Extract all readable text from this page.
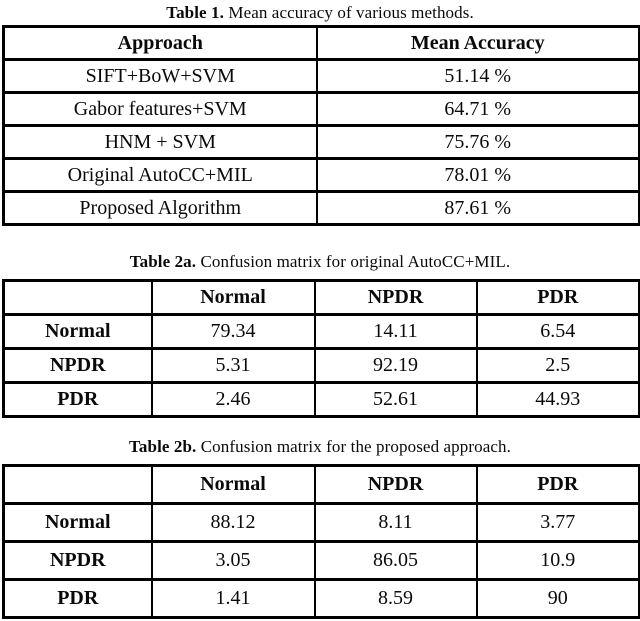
Table 1. Mean accuracy of various methods.
Approach	Mean Accuracy
SIFT+BoW+SVM	51.14 %
Gabor features+SVM	64.71 %
HNM + SVM	75.76 %
Original AutoCC+MIL	78.01 %
Proposed Algorithm	87.61 %
Table 2a. Confusion matrix for original AutoCC+MIL.
	Normal	NPDR	PDR
Normal	79.34	14.11	6.54
NPDR	5.31	92.19	2.5
PDR	2.46	52.61	44.93
Table 2b. Confusion matrix for the proposed approach.
	Normal	NPDR	PDR
Normal	88.12	8.11	3.77
NPDR	3.05	86.05	10.9
PDR	1.41	8.59	90
